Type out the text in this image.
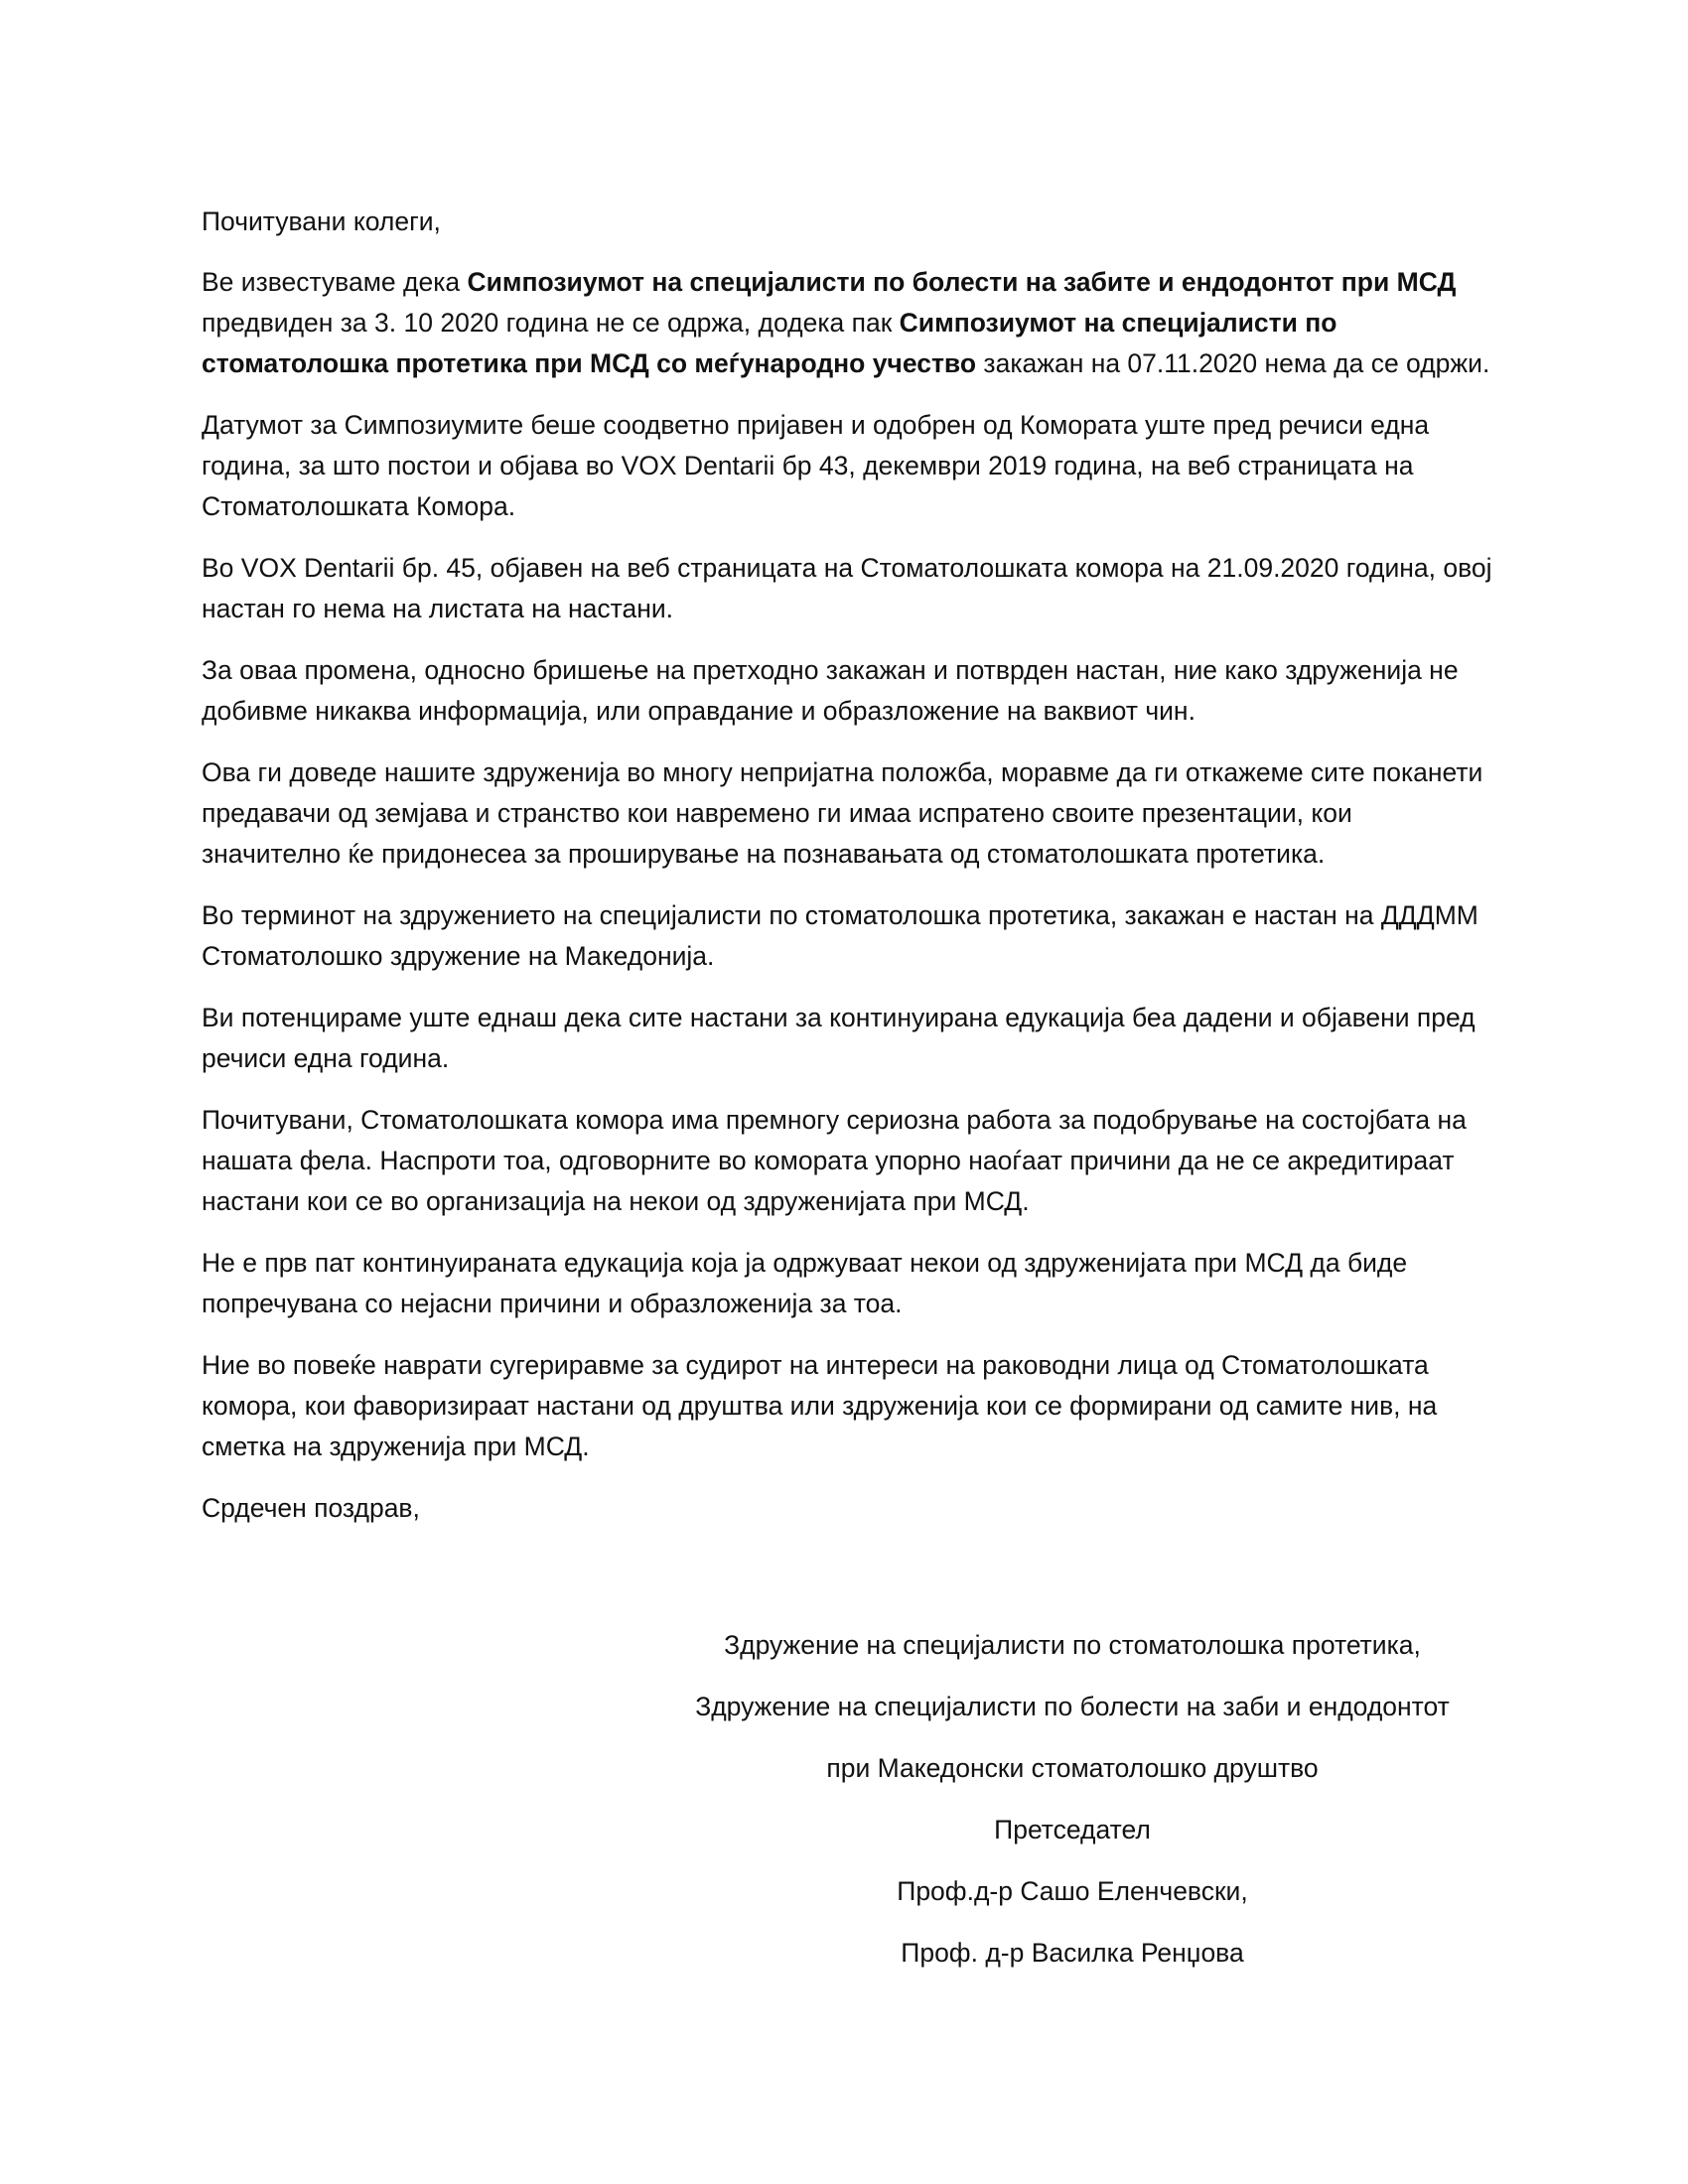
Почитувани колеги,

Ве известуваме дека Симпозиумот на специјалисти по болести на забите и ендодонтот при МСД предвиден за 3. 10 2020 година не се одржа, додека пак Симпозиумот на специјалисти по стоматолошка протетика при МСД со меѓународно учество закажан на 07.11.2020 нема да се одржи.

Датумот за Симпозиумите беше соодветно пријавен и одобрен од Комората уште пред речиси една година, за што постои и објава во VOX Dentarii бр 43, декември 2019 година, на веб страницата на Стоматолошката Комора.

Во VOX Dentarii бр. 45, објавен на веб страницата на Стоматолошката комора на 21.09.2020 година, овој настан го нема на листата на настани.

За оваа промена, односно бришење на претходно закажан и потврден настан, ние како здруженија не добивме никаква информација, или оправдание и образложение на ваквиот чин.

Ова ги доведе нашите здруженија во многу непријатна положба, моравме да ги откажеме сите поканети предавачи од земјава и странство кои навремено ги имаа испратено своите презентации, кои значително ќе придонесеа за проширување на познавањата од стоматолошката протетика.

Во терминот на здружението на специјалисти по стоматолошка протетика, закажан е настан на ДДДММ Стоматолошко здружение на Македонија.

Ви потенцираме уште еднаш дека сите настани за континуирана едукација беа дадени и објавени пред речиси една година.

Почитувани, Стоматолошката комора има премногу сериозна работа за подобрување на состојбата на нашата фела. Наспроти тоа, одговорните во комората упорно наоѓаат причини да не се акредитираат настани кои се во организација на некои од здруженијата при МСД.

Не е прв пат континуираната едукација која ја одржуваат некои од здруженијата при МСД да биде попречувана со нејасни причини и образложенија за тоа.

Ние во повеќе наврати сугериравме за судирот на интереси на раководни лица од Стоматолошката комора, кои фаворизираат настани од друштва или здруженија кои се формирани од самите нив, на сметка на здруженија при МСД.

Срдечен поздрав,

Здружение на специјалисти по стоматолошка протетика,
Здружение на специјалисти по болести на заби и ендодонтот
при Македонски стоматолошко друштво
Претседател
Проф.д-р Сашо Еленчевски,
Проф. д-р Василка Ренџова
